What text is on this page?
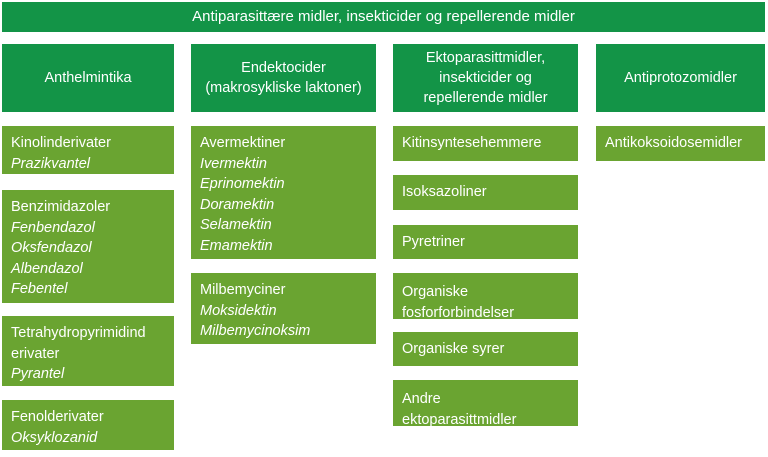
Antiparasittære midler, insekticider og repellerende midler
Anthelmintika
Kinolinderivater
Prazikvantel
Benzimidazoler
Fenbendazol
Oksfendazol
Albendazol
Febentel
Tetrahydropyrimidind
erivater
Pyrantel
Fenolderivater
Oksyklozanid
Endektocider
(makrosykliske laktoner)
Avermektiner
Ivermektin
Eprinomektin
Doramektin
Selamektin
Emamektin
Milbemyciner
Moksidektin
Milbemycinoksim
Ektoparasittmidler,
insekticider og
repellerende midler
Kitinsyntesehemmere
Isoksazoliner
Pyretriner
Organiske
fosforforbindelser
Organiske syrer
Andre
ektoparasittmidler
Antiprotozomidler
Antikoksoidosemidler
